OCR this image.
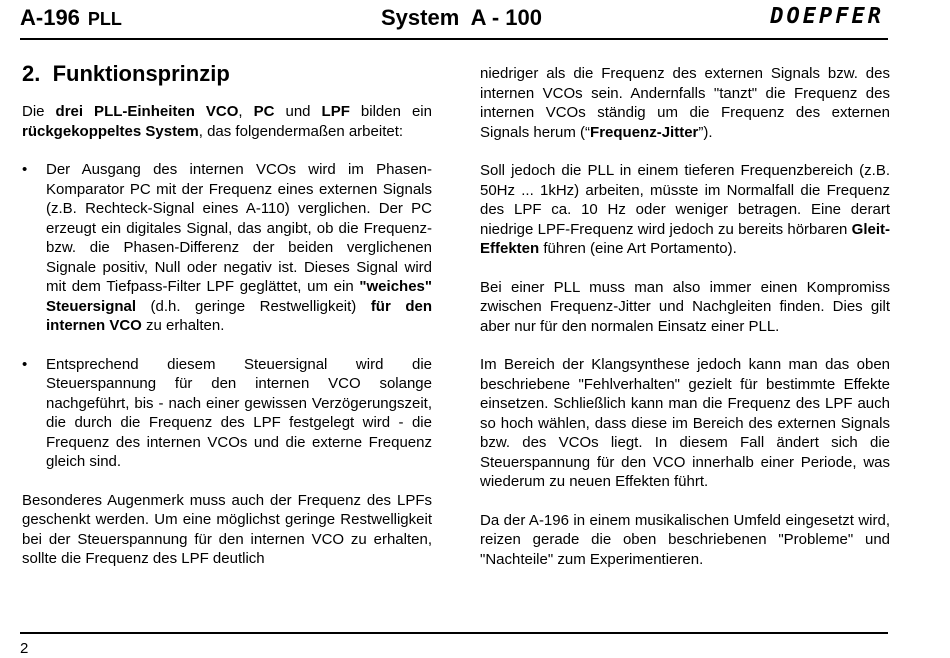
A-196 PLL	System  A - 100	DOEPFER
2.  Funktionsprinzip

Die drei PLL-Einheiten VCO, PC und LPF bilden ein rückgekoppeltes System, das folgendermaßen arbeitet:

• Der Ausgang des internen VCOs wird im Phasen-Komparator PC mit der Frequenz eines externen Signals (z.B. Rechteck-Signal eines A-110) verglichen. Der PC erzeugt ein digitales Signal, das angibt, ob die Frequenz- bzw. die Phasen-Differenz der beiden verglichenen Signale positiv, Null oder negativ ist. Dieses Signal wird mit dem Tiefpass-Filter LPF geglättet, um ein "weiches" Steuersignal (d.h. geringe Restwelligkeit) für den internen VCO zu erhalten.
• Entsprechend diesem Steuersignal wird die Steuerspannung für den internen VCO solange nachgeführt, bis - nach einer gewissen Verzögerungszeit, die durch die Frequenz des LPF festgelegt wird - die Frequenz des internen VCOs und die externe Frequenz gleich sind.

Besonderes Augenmerk muss auch der Frequenz des LPFs geschenkt werden. Um eine möglichst geringe Restwelligkeit bei der Steuerspannung für den internen VCO zu erhalten, sollte die Frequenz des LPF deutlich

niedriger als die Frequenz des externen Signals bzw. des internen VCOs sein. Andernfalls "tanzt" die Frequenz des internen VCOs ständig um die Frequenz des externen Signals herum (“Frequenz-Jitter”).

Soll jedoch die PLL in einem tieferen Frequenzbereich (z.B. 50Hz ... 1kHz) arbeiten, müsste im Normalfall die Frequenz des LPF ca. 10 Hz oder weniger betragen. Eine derart niedrige LPF-Frequenz wird jedoch zu bereits hörbaren Gleit-Effekten führen (eine Art Portamento).

Bei einer PLL muss man also immer einen Kompromiss zwischen Frequenz-Jitter und Nachgleiten finden. Dies gilt aber nur für den normalen Einsatz einer PLL.

Im Bereich der Klangsynthese jedoch kann man das oben beschriebene "Fehlverhalten" gezielt für bestimmte Effekte einsetzen. Schließlich kann man die Frequenz des LPF auch so hoch wählen, dass diese im Bereich des externen Signals bzw. des VCOs liegt. In diesem Fall ändert sich die Steuerspannung für den VCO innerhalb einer Periode, was wiederum zu neuen Effekten führt.

Da der A-196 in einem musikalischen Umfeld eingesetzt wird, reizen gerade die oben beschriebenen "Probleme" und "Nachteile" zum Experimentieren.

2
